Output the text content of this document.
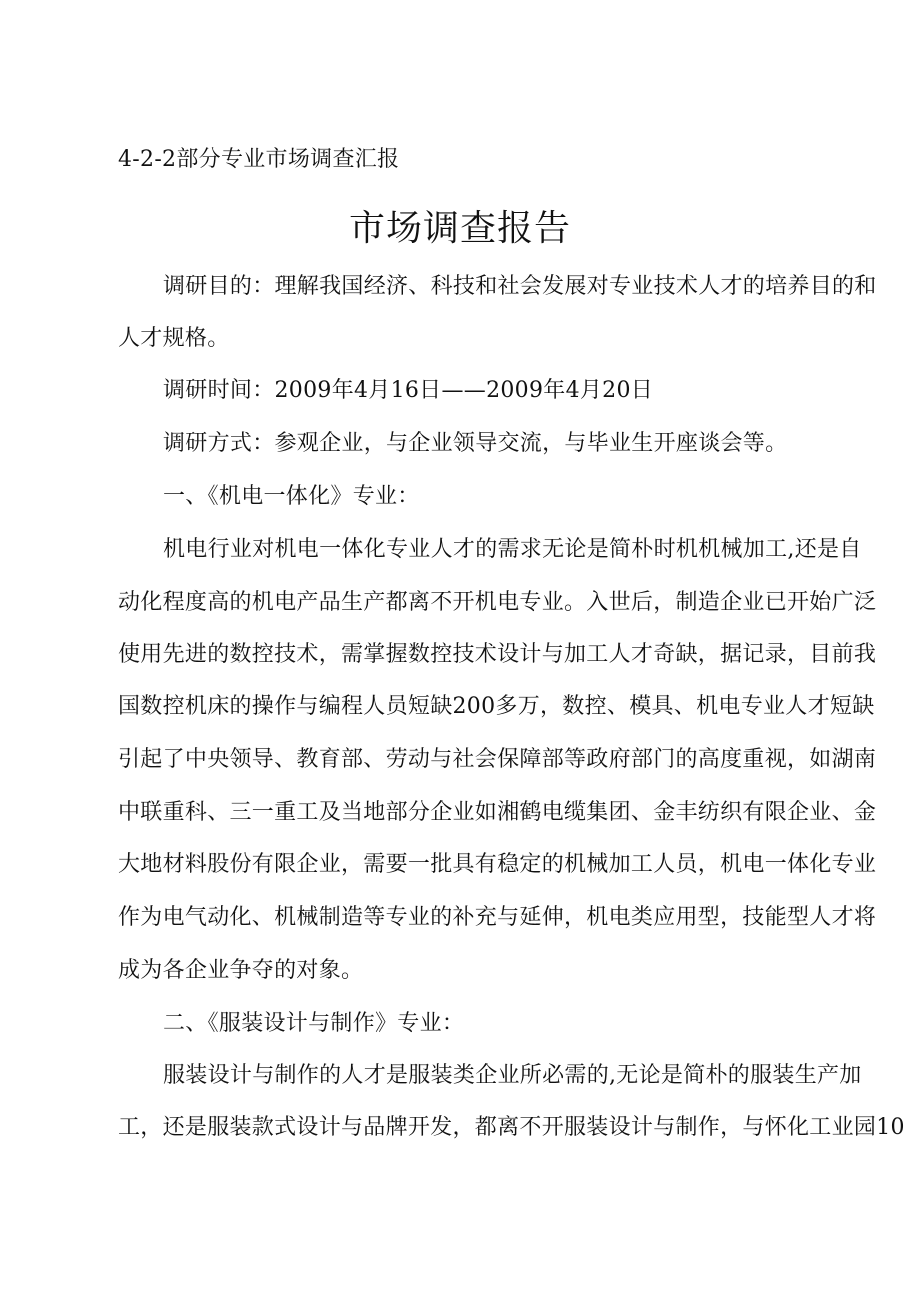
4-2-2部分专业市场调查汇报
市场调查报告
调研目的：理解我国经济、科技和社会发展对专业技术人才的培养目的和
人才规格。
调研时间：2009年4月16日——2009年4月20日
调研方式：参观企业，与企业领导交流，与毕业生开座谈会等。
一、《机电一体化》专业：
机电行业对机电一体化专业人才的需求无论是简朴时机机械加工,还是自
动化程度高的机电产品生产都离不开机电专业。入世后，制造企业已开始广泛
使用先进的数控技术，需掌握数控技术设计与加工人才奇缺，据记录，目前我
国数控机床的操作与编程人员短缺200多万，数控、模具、机电专业人才短缺
引起了中央领导、教育部、劳动与社会保障部等政府部门的高度重视，如湖南
中联重科、三一重工及当地部分企业如湘鹤电缆集团、金丰纺织有限企业、金
大地材料股份有限企业，需要一批具有稳定的机械加工人员，机电一体化专业
作为电气动化、机械制造等专业的补充与延伸，机电类应用型，技能型人才将
成为各企业争夺的对象。
二、《服装设计与制作》专业：
服装设计与制作的人才是服装类企业所必需的,无论是简朴的服装生产加
工，还是服装款式设计与品牌开发，都离不开服装设计与制作，与怀化工业园10
